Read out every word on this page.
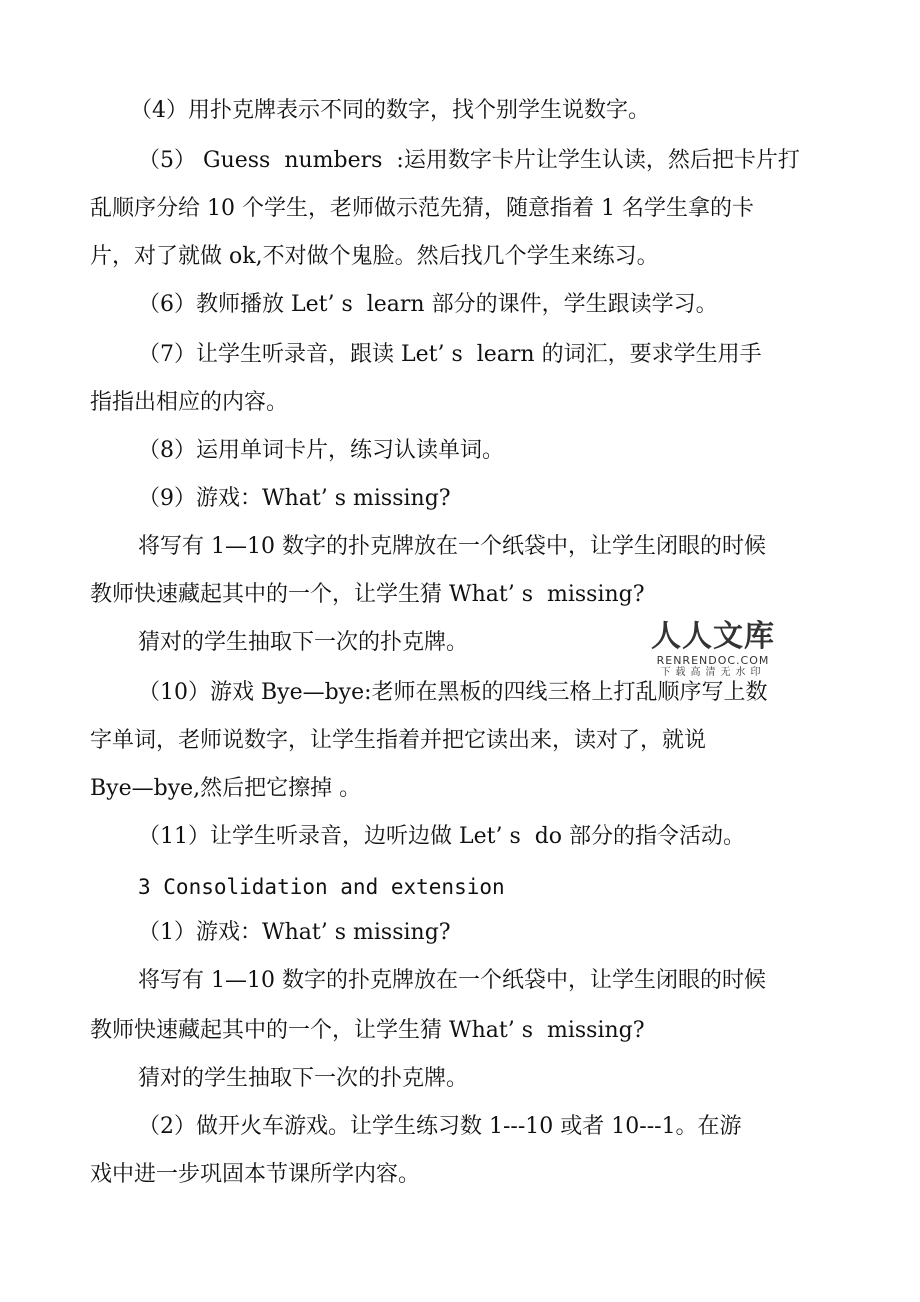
（4）用扑克牌表示不同的数字，找个别学生说数字。
（5） Guess  numbers  :运用数字卡片让学生认读，然后把卡片打
乱顺序分给 10 个学生，老师做示范先猜，随意指着 1 名学生拿的卡
片，对了就做 ok,不对做个鬼脸。然后找几个学生来练习。
（6）教师播放 Let’ s  learn 部分的课件，学生跟读学习。
（7）让学生听录音，跟读 Let’ s  learn 的词汇，要求学生用手
指指出相应的内容。
（8）运用单词卡片，练习认读单词。
（9）游戏：What’ s missing?
将写有 1—10 数字的扑克牌放在一个纸袋中，让学生闭眼的时候
教师快速藏起其中的一个，让学生猜 What’ s  missing?
猜对的学生抽取下一次的扑克牌。
（10）游戏 Bye—bye:老师在黑板的四线三格上打乱顺序写上数
字单词，老师说数字，让学生指着并把它读出来，读对了，就说
Bye—bye,然后把它擦掉 。
（11）让学生听录音，边听边做 Let’ s  do 部分的指令活动。
3 Consolidation and extension
（1）游戏：What’ s missing?
将写有 1—10 数字的扑克牌放在一个纸袋中，让学生闭眼的时候
教师快速藏起其中的一个，让学生猜 What’ s  missing?
猜对的学生抽取下一次的扑克牌。
（2）做开火车游戏。让学生练习数 1---10 或者 10---1。在游
戏中进一步巩固本节课所学内容。
人人文库
RENRENDOC.COM
下载高清无水印
